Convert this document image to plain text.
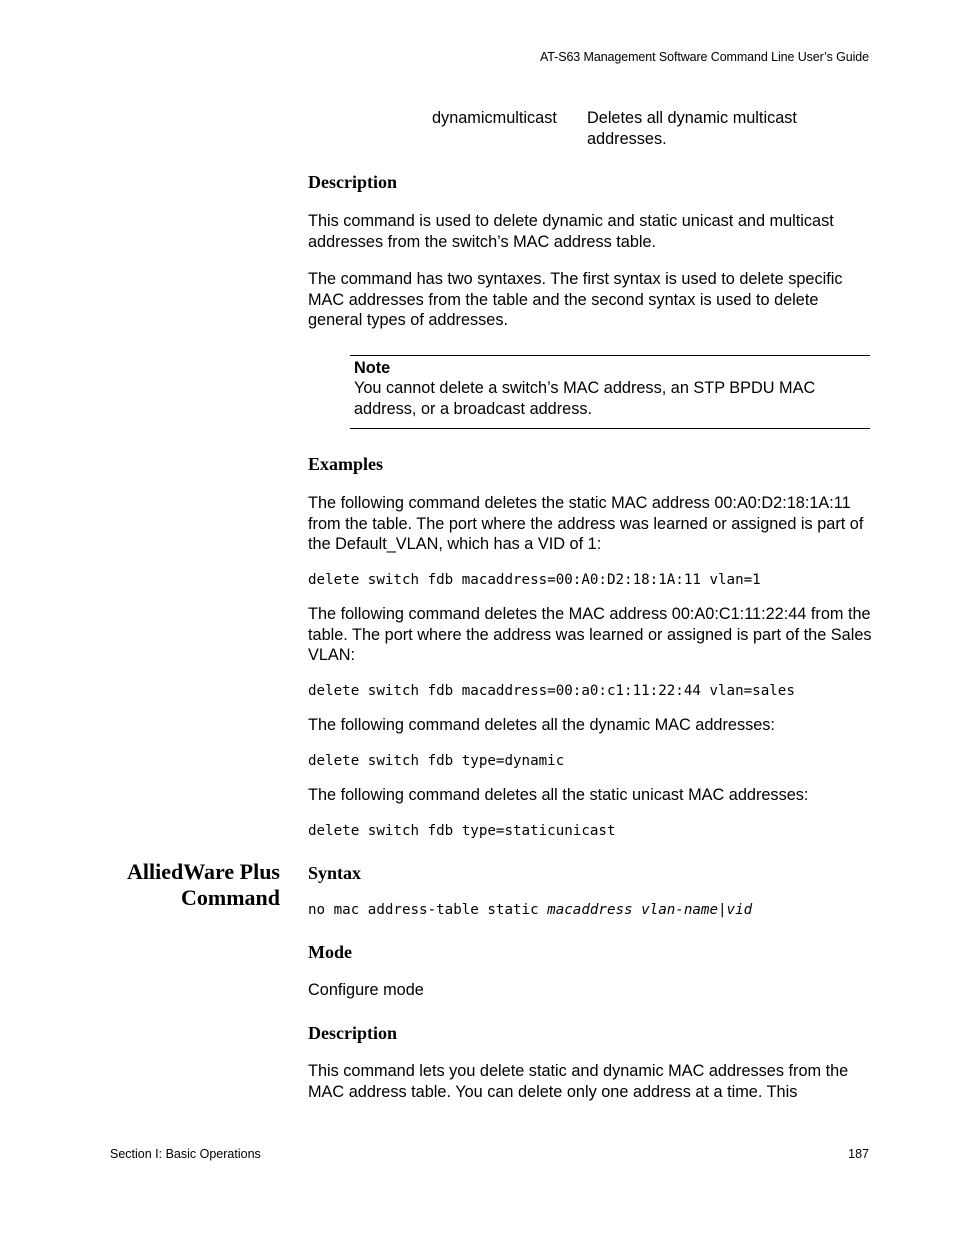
AT-S63 Management Software Command Line User’s Guide
dynamicmulticast	Deletes all dynamic multicast
addresses.
Description

This command is used to delete dynamic and static unicast and multicast addresses from the switch’s MAC address table.

The command has two syntaxes. The first syntax is used to delete specific MAC addresses from the table and the second syntax is used to delete general types of addresses.

Note

You cannot delete a switch’s MAC address, an STP BPDU MAC address, or a broadcast address.

Examples

The following command deletes the static MAC address 00:A0:D2:18:1A:11 from the table. The port where the address was learned or assigned is part of the Default_VLAN, which has a VID of 1:

delete switch fdb macaddress=00:A0:D2:18:1A:11 vlan=1

The following command deletes the MAC address 00:A0:C1:11:22:44 from the table. The port where the address was learned or assigned is part of the Sales VLAN:

delete switch fdb macaddress=00:a0:c1:11:22:44 vlan=sales

The following command deletes all the dynamic MAC addresses:

delete switch fdb type=dynamic

The following command deletes all the static unicast MAC addresses:

delete switch fdb type=staticunicast
AlliedWare Plus
Command
Syntax
no mac address-table static macaddress vlan-name|vid
Mode

Configure mode

Description

This command lets you delete static and dynamic MAC addresses from the MAC address table. You can delete only one address at a time. This

Section I: Basic Operations	187
